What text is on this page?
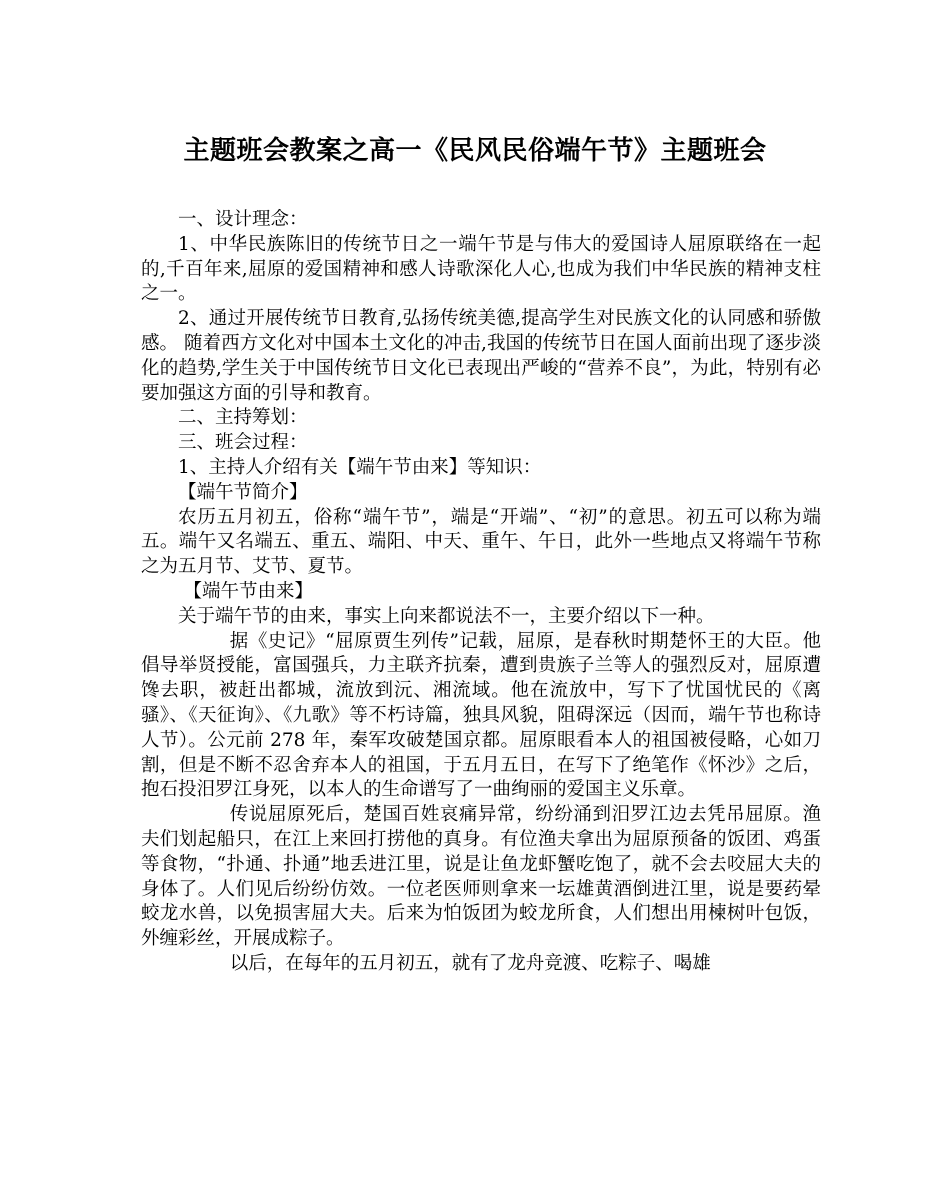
主题班会教案之高一《民风民俗端午节》主题班会

一、设计理念：

1、中华民族陈旧的传统节日之一端午节是与伟大的爱国诗人屈原联络在一起的,千百年来,屈原的爱国精神和感人诗歌深化人心,也成为我们中华民族的精神支柱之一。

2、通过开展传统节日教育,弘扬传统美德,提高学生对民族文化的认同感和骄傲感。 随着西方文化对中国本土文化的冲击,我国的传统节日在国人面前出现了逐步淡化的趋势,学生关于中国传统节日文化已表现出严峻的“营养不良”，为此，特别有必要加强这方面的引导和教育。

二、主持筹划：

三、班会过程：

1、主持人介绍有关【端午节由来】等知识：

【端午节简介】

农历五月初五，俗称“端午节”，端是“开端”、“初”的意思。初五可以称为端五。端午又名端五、重五、端阳、中天、重午、午日，此外一些地点又将端午节称之为五月节、艾节、夏节。

【端午节由来】

关于端午节的由来，事实上向来都说法不一，主要介绍以下一种。

据《史记》“屈原贾生列传”记载，屈原，是春秋时期楚怀王的大臣。他倡导举贤授能，富国强兵，力主联齐抗秦，遭到贵族子兰等人的强烈反对，屈原遭馋去职，被赶出都城，流放到沅、湘流域。他在流放中，写下了忧国忧民的《离骚》、《天征询》、《九歌》等不朽诗篇，独具风貌，阻碍深远（因而，端午节也称诗人节）。公元前 278 年，秦军攻破楚国京都。屈原眼看本人的祖国被侵略，心如刀割，但是不断不忍舍弃本人的祖国，于五月五日，在写下了绝笔作《怀沙》之后，抱石投汨罗江身死，以本人的生命谱写了一曲绚丽的爱国主义乐章。

传说屈原死后，楚国百姓哀痛异常，纷纷涌到汨罗江边去凭吊屈原。渔夫们划起船只，在江上来回打捞他的真身。有位渔夫拿出为屈原预备的饭团、鸡蛋等食物，“扑通、扑通”地丢进江里，说是让鱼龙虾蟹吃饱了，就不会去咬屈大夫的身体了。人们见后纷纷仿效。一位老医师则拿来一坛雄黄酒倒进江里，说是要药晕蛟龙水兽，以免损害屈大夫。后来为怕饭团为蛟龙所食，人们想出用楝树叶包饭，外缠彩丝，开展成粽子。

以后，在每年的五月初五，就有了龙舟竞渡、吃粽子、喝雄
